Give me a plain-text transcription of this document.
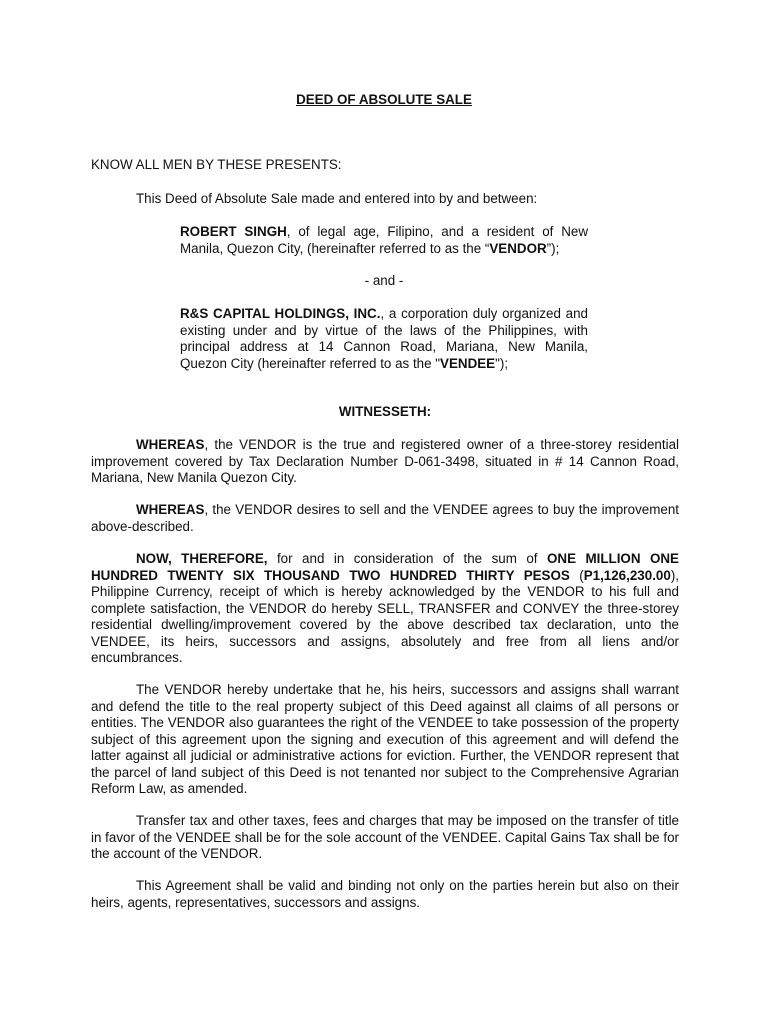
DEED OF ABSOLUTE SALE

KNOW ALL MEN BY THESE PRESENTS:

This Deed of Absolute Sale made and entered into by and between:

ROBERT SINGH, of legal age, Filipino, and a resident of New Manila, Quezon City, (hereinafter referred to as the “VENDOR”);

- and -

R&S CAPITAL HOLDINGS, INC., a corporation duly organized and existing under and by virtue of the laws of the Philippines, with principal address at 14 Cannon Road, Mariana, New Manila, Quezon City (hereinafter referred to as the "VENDEE");

WITNESSETH:

WHEREAS, the VENDOR is the true and registered owner of a three-storey residential improvement covered by Tax Declaration Number D-061-3498, situated in # 14 Cannon Road, Mariana, New Manila Quezon City.

WHEREAS, the VENDOR desires to sell and the VENDEE agrees to buy the improvement above-described.

NOW, THEREFORE, for and in consideration of the sum of ONE MILLION ONE HUNDRED TWENTY SIX THOUSAND TWO HUNDRED THIRTY PESOS (P1,126,230.00), Philippine Currency, receipt of which is hereby acknowledged by the VENDOR to his full and complete satisfaction, the VENDOR do hereby SELL, TRANSFER and CONVEY the three-storey residential dwelling/improvement covered by the above described tax declaration, unto the VENDEE, its heirs, successors and assigns, absolutely and free from all liens and/or encumbrances.

The VENDOR hereby undertake that he, his heirs, successors and assigns shall warrant and defend the title to the real property subject of this Deed against all claims of all persons or entities. The VENDOR also guarantees the right of the VENDEE to take possession of the property subject of this agreement upon the signing and execution of this agreement and will defend the latter against all judicial or administrative actions for eviction. Further, the VENDOR represent that the parcel of land subject of this Deed is not tenanted nor subject to the Comprehensive Agrarian Reform Law, as amended.

Transfer tax and other taxes, fees and charges that may be imposed on the transfer of title in favor of the VENDEE shall be for the sole account of the VENDEE. Capital Gains Tax shall be for the account of the VENDOR.

This Agreement shall be valid and binding not only on the parties herein but also on their heirs, agents, representatives, successors and assigns.
